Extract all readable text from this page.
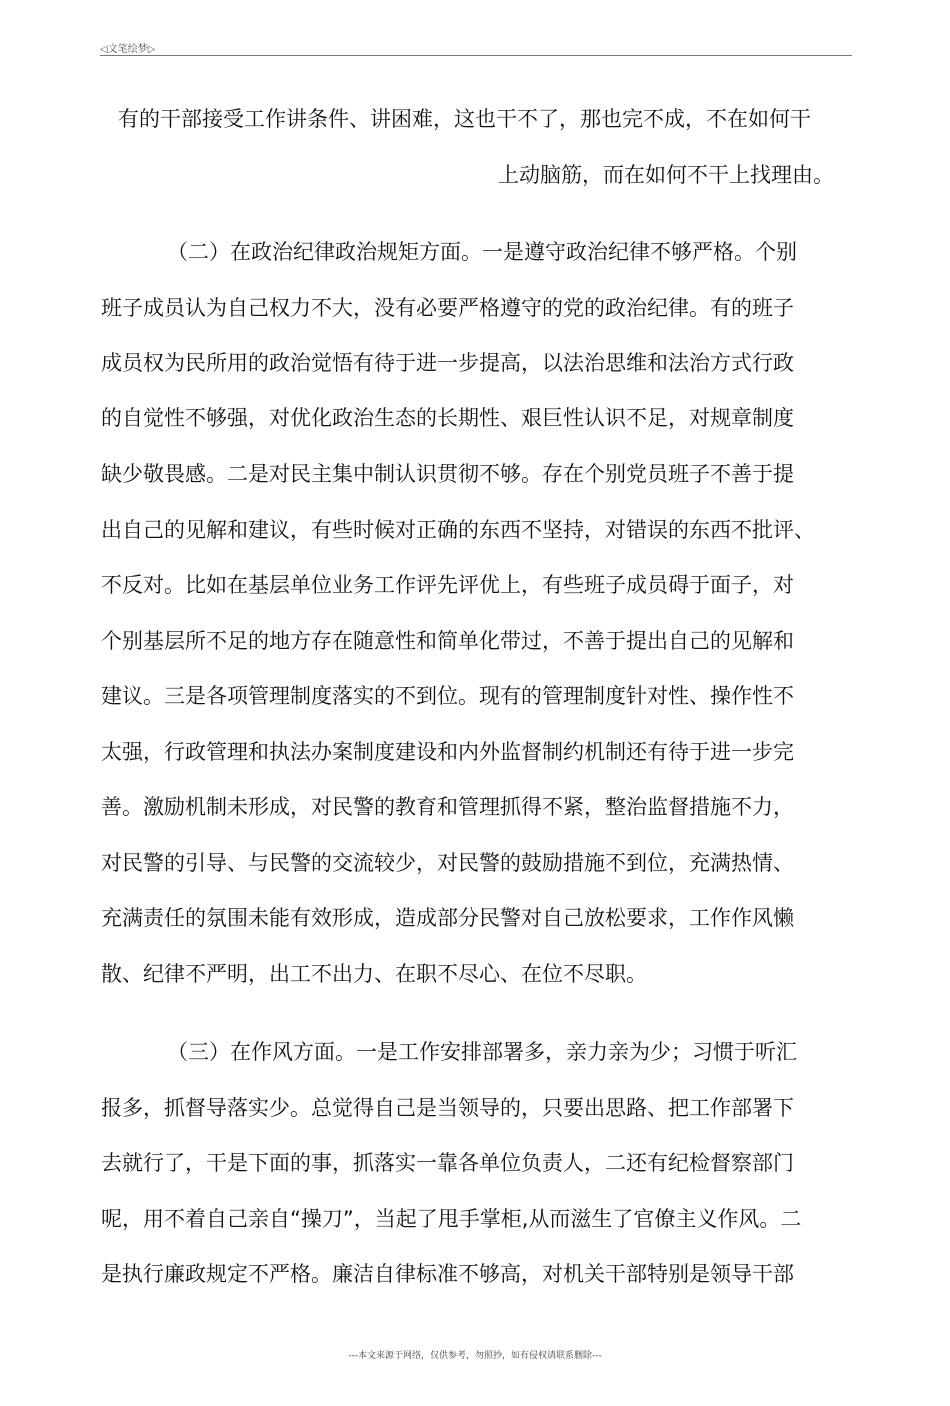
◁文笔绘梦▷
有的干部接受工作讲条件、讲困难，这也干不了，那也完不成，不在如何干
上动脑筋，而在如何不干上找理由。
（二）在政治纪律政治规矩方面。一是遵守政治纪律不够严格。个别
班子成员认为自己权力不大，没有必要严格遵守的党的政治纪律。有的班子
成员权为民所用的政治觉悟有待于进一步提高，以法治思维和法治方式行政
的自觉性不够强，对优化政治生态的长期性、艰巨性认识不足，对规章制度
缺少敬畏感。二是对民主集中制认识贯彻不够。存在个别党员班子不善于提
出自己的见解和建议，有些时候对正确的东西不坚持，对错误的东西不批评、
不反对。比如在基层单位业务工作评先评优上，有些班子成员碍于面子，对
个别基层所不足的地方存在随意性和简单化带过，不善于提出自己的见解和
建议。三是各项管理制度落实的不到位。现有的管理制度针对性、操作性不
太强，行政管理和执法办案制度建设和内外监督制约机制还有待于进一步完
善。激励机制未形成，对民警的教育和管理抓得不紧，整治监督措施不力，
对民警的引导、与民警的交流较少，对民警的鼓励措施不到位，充满热情、
充满责任的氛围未能有效形成，造成部分民警对自己放松要求，工作作风懒
散、纪律不严明，出工不出力、在职不尽心、在位不尽职。
（三）在作风方面。一是工作安排部署多，亲力亲为少；习惯于听汇
报多，抓督导落实少。总觉得自己是当领导的，只要出思路、把工作部署下
去就行了，干是下面的事，抓落实一靠各单位负责人，二还有纪检督察部门
呢，用不着自己亲自“操刀”，当起了甩手掌柜,从而滋生了官僚主义作风。二
是执行廉政规定不严格。廉洁自律标准不够高，对机关干部特别是领导干部
---本文来源于网络，仅供参考，勿照抄，如有侵权请联系删除---
